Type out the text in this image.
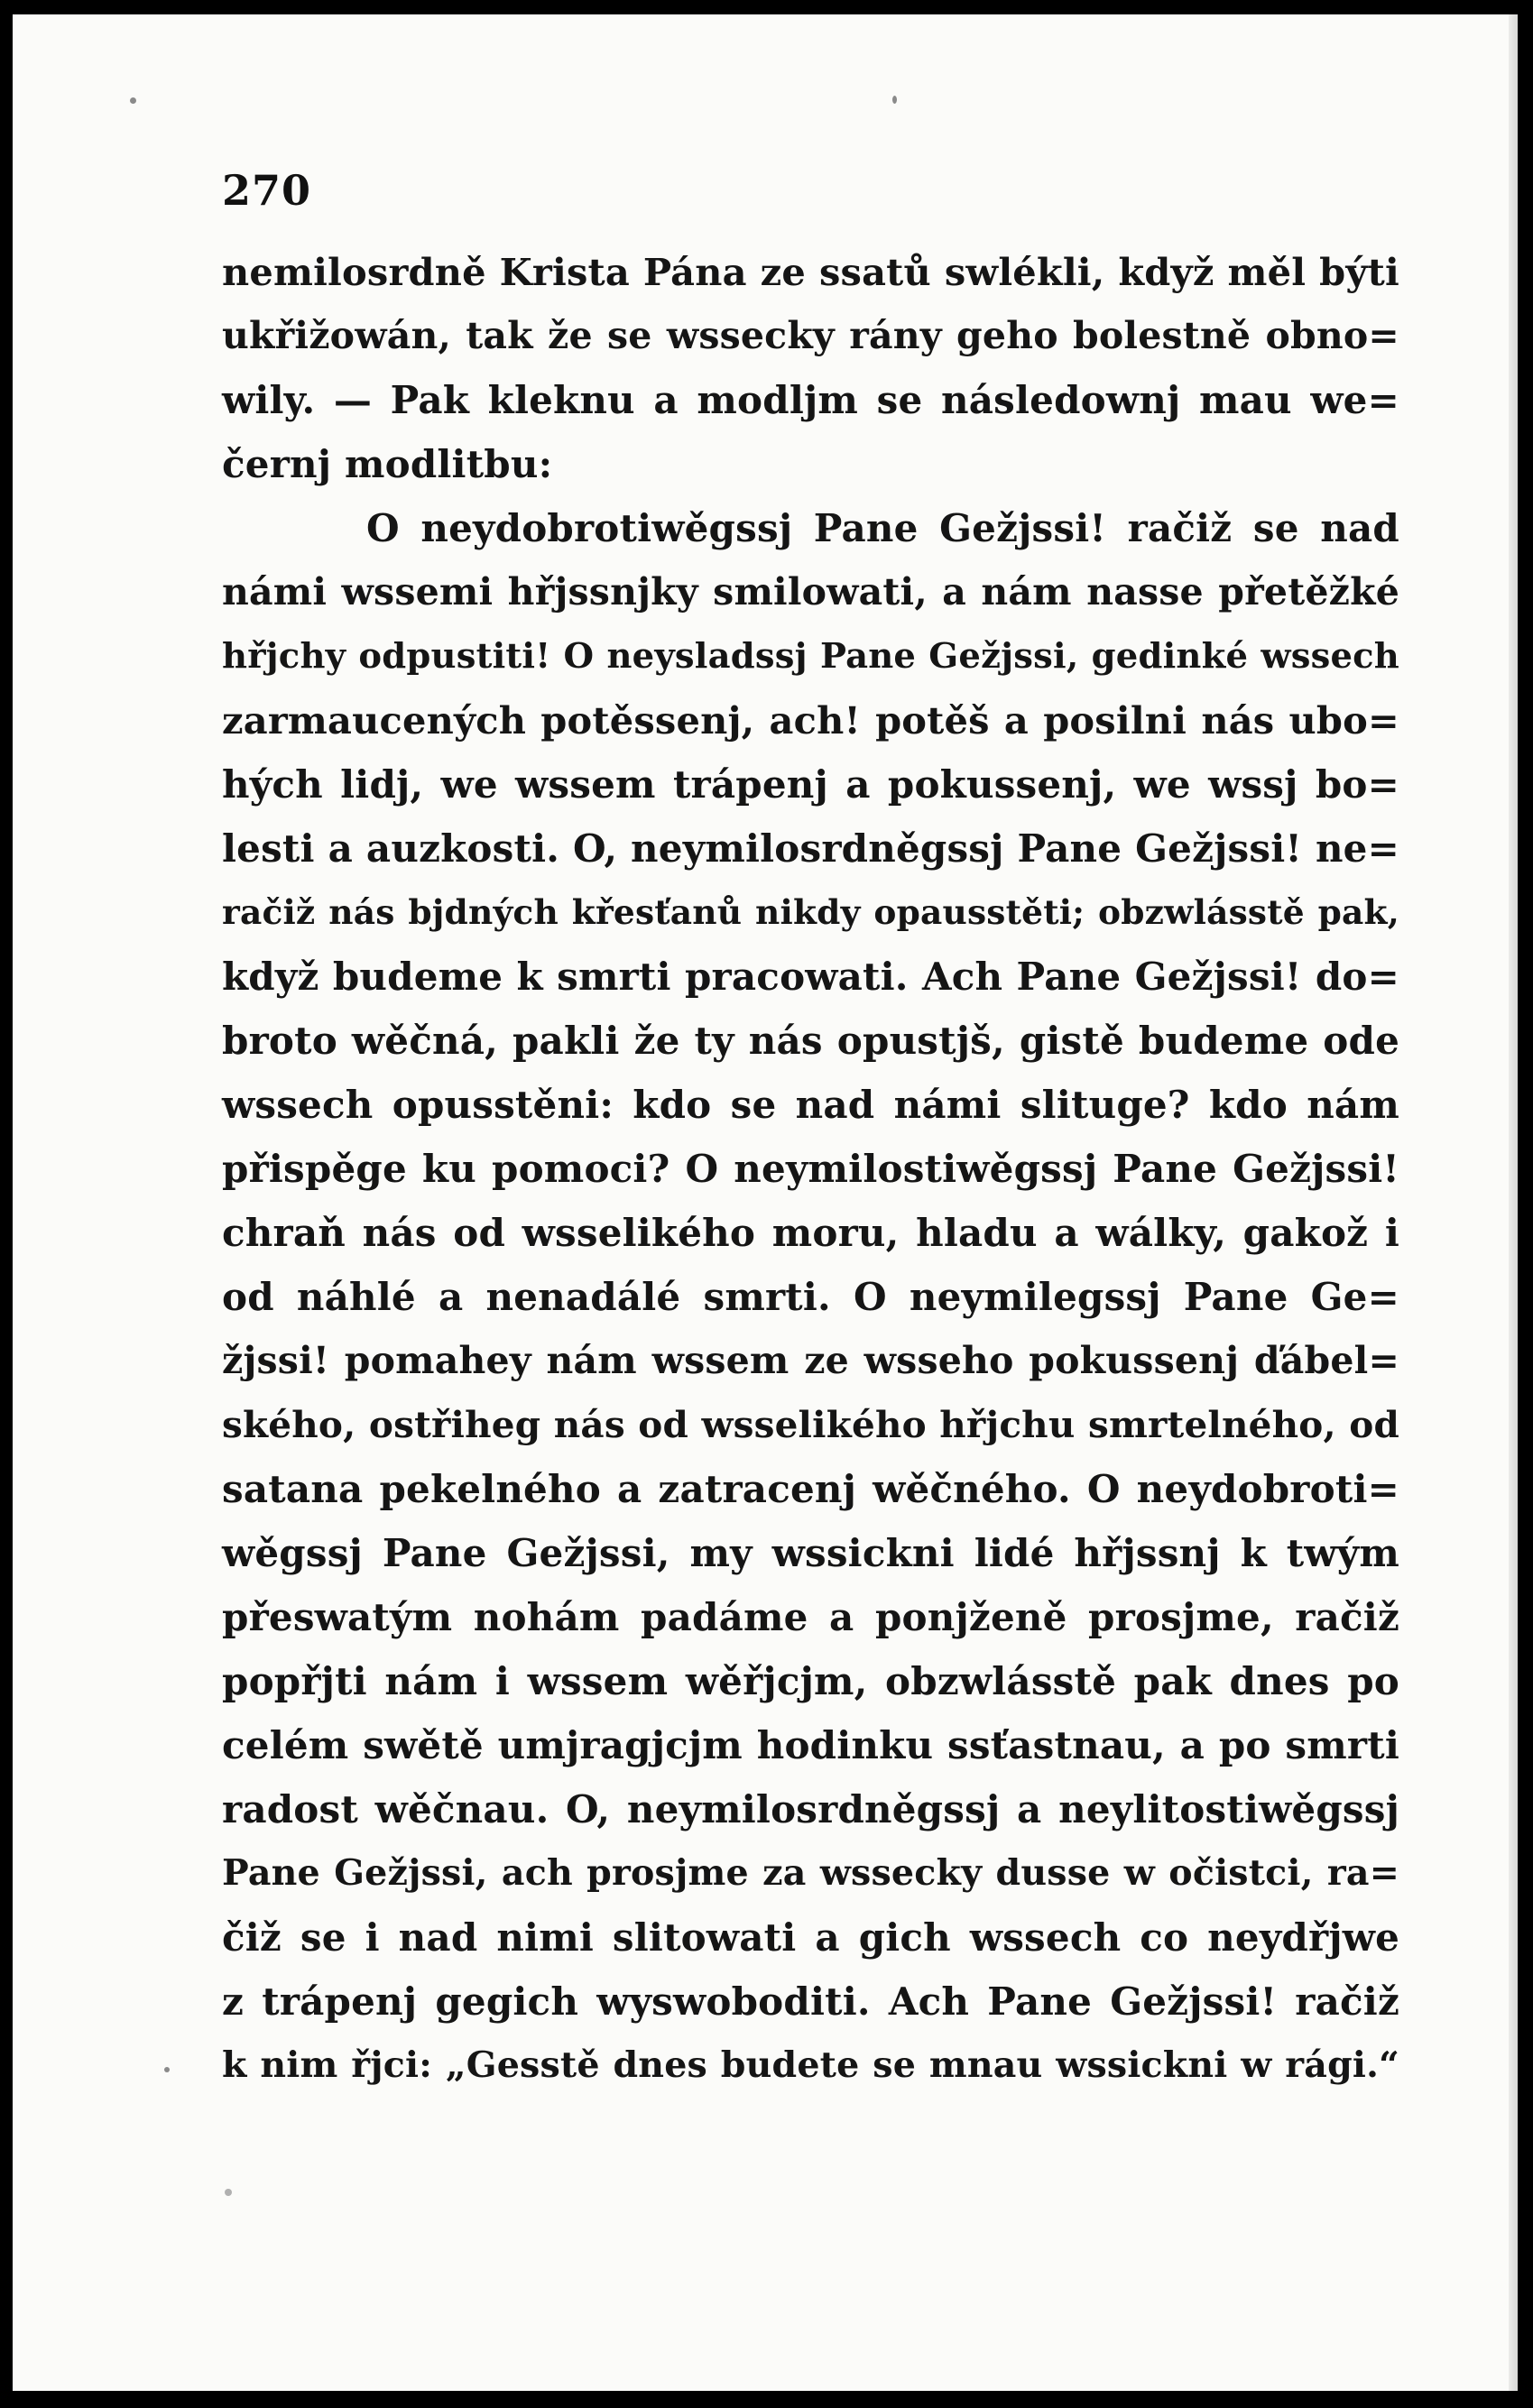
270
nemilosrdně Krista Pána ze ssatů swlékli, když měl býti
ukřižowán, tak že se wssecky rány geho bolestně obno=
wily. — Pak kleknu a modljm se následownj mau we=
černj modlitbu:
O neydobrotiwěgssj Pane Gežjssi! račiž se nad
námi wssemi hřjssnjky smilowati, a nám nasse přetěžké
hřjchy odpustiti! O neysladssj Pane Gežjssi, gedinké wssech
zarmaucených potěssenj, ach! potěš a posilni nás ubo=
hých lidj, we wssem trápenj a pokussenj, we wssj bo=
lesti a auzkosti. O, neymilosrdněgssj Pane Gežjssi! ne=
račiž nás bjdných křesťanů nikdy opausstěti; obzwlásstě pak,
když budeme k smrti pracowati. Ach Pane Gežjssi! do=
broto wěčná, pakli že ty nás opustjš, gistě budeme ode
wssech opusstěni: kdo se nad námi slituge? kdo nám
přispěge ku pomoci? O neymilostiwěgssj Pane Gežjssi!
chraň nás od wsselikého moru, hladu a wálky, gakož i
od náhlé a nenadálé smrti. O neymilegssj Pane Ge=
žjssi! pomahey nám wssem ze wsseho pokussenj ďábel=
ského, ostřiheg nás od wsselikého hřjchu smrtelného, od
satana pekelného a zatracenj wěčného. O neydobroti=
wěgssj Pane Gežjssi, my wssickni lidé hřjssnj k twým
přeswatým nohám padáme a ponjženě prosjme, račiž
popřjti nám i wssem wěřjcjm, obzwlásstě pak dnes po
celém swětě umjragjcjm hodinku ssťastnau, a po smrti
radost wěčnau. O, neymilosrdněgssj a neylitostiwěgssj
Pane Gežjssi, ach prosjme za wssecky dusse w očistci, ra=
čiž se i nad nimi slitowati a gich wssech co neydřjwe
z trápenj gegich wyswoboditi. Ach Pane Gežjssi! račiž
k nim řjci: „Gesstě dnes budete se mnau wssickni w rági.“
